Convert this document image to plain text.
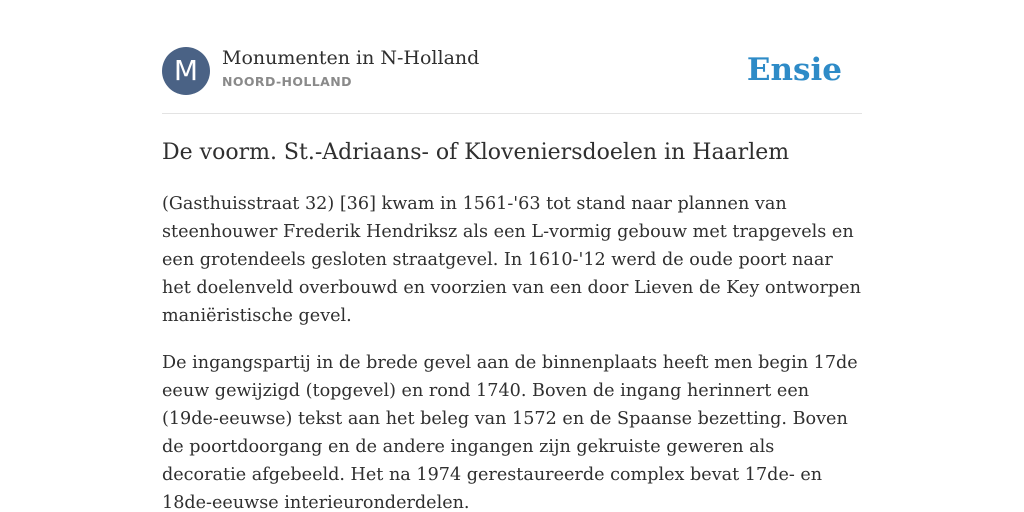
M	Monumenten in N-Holland
NOORD-HOLLAND	Ensie
De voorm. St.-Adriaans- of Kloveniersdoelen in Haarlem

(Gasthuisstraat 32) [36] kwam in 1561-'63 tot stand naar plannen van steenhouwer Frederik Hendriksz als een L-vormig gebouw met trapgevels en een grotendeels gesloten straatgevel. In 1610-'12 werd de oude poort naar het doelenveld overbouwd en voorzien van een door Lieven de Key ontworpen maniëristische gevel.

De ingangspartij in de brede gevel aan de binnenplaats heeft men begin 17de eeuw gewijzigd (topgevel) en rond 1740. Boven de ingang herinnert een (19de-eeuwse) tekst aan het beleg van 1572 en de Spaanse bezetting. Boven de poortdoorgang en de andere ingangen zijn gekruiste geweren als decoratie afgebeeld. Het na 1974 gerestaureerde complex bevat 17de- en 18de-eeuwse interieuronderdelen.
